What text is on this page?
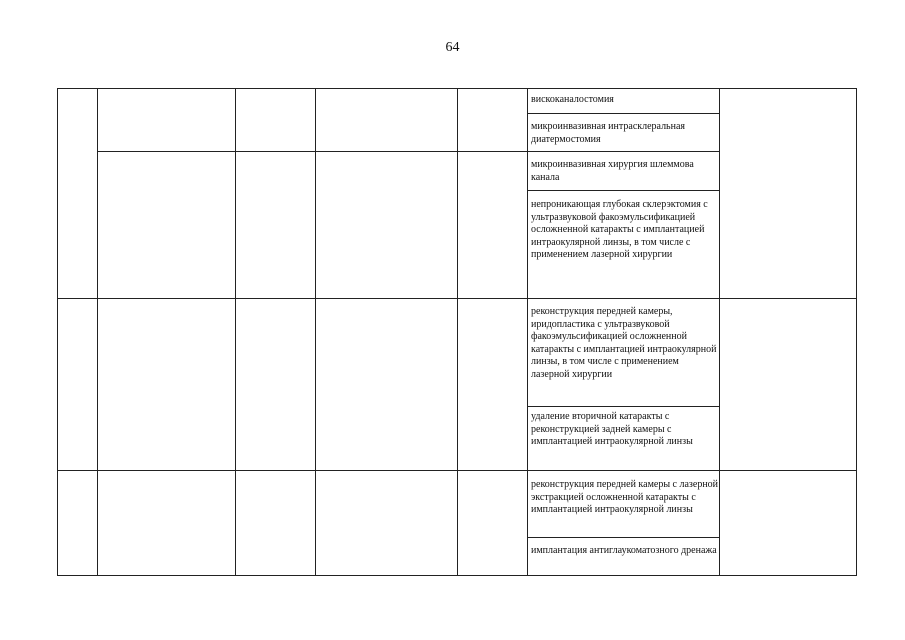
64
вискоканалостомия
микроинвазивная интрасклеральная диатермостомия
микроинвазивная хирургия шлеммова канала
непроникающая глубокая склерэктомия с ультразвуковой факоэмульсификацией осложненной катаракты с имплантацией интраокулярной линзы, в том числе с применением лазерной хирургии
реконструкция передней камеры, иридопластика с ультразвуковой факоэмульсификацией осложненной катаракты с имплантацией интраокулярной линзы, в том числе с применением лазерной хирургии
удаление вторичной катаракты с реконструкцией задней камеры с имплантацией интраокулярной линзы
реконструкция передней камеры с лазерной экстракцией осложненной катаракты с имплантацией интраокулярной линзы
имплантация антиглаукоматозного дренажа
